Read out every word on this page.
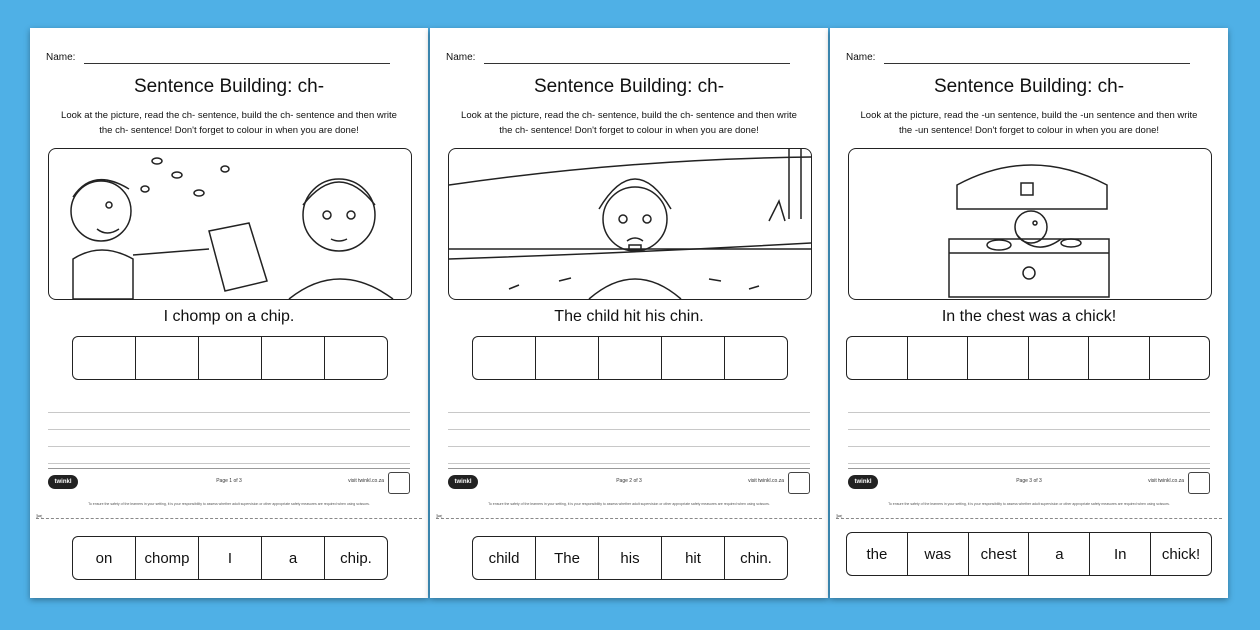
Name:
Sentence Building: ch-
Look at the picture, read the ch- sentence, build the ch- sentence and then write the ch- sentence! Don't forget to colour in when you are done!
I chomp on a chip.
twinkl	Page 1 of 3	visit twinkl.co.za
To ensure the safety of the learners in your setting, it is your responsibility to assess whether adult supervision or other appropriate safety measures are required when using scissors.
✂
on	chomp	I	a	chip.
Name:
Sentence Building: ch-
Look at the picture, read the ch- sentence, build the ch- sentence and then write the ch- sentence! Don't forget to colour in when you are done!
The child hit his chin.
twinkl	Page 2 of 3	visit twinkl.co.za
To ensure the safety of the learners in your setting, it is your responsibility to assess whether adult supervision or other appropriate safety measures are required when using scissors.
✂
child	The	his	hit	chin.
Name:
Sentence Building: ch-
Look at the picture, read the -un sentence, build the -un sentence and then write the -un sentence! Don't forget to colour in when you are done!
In the chest was a chick!
twinkl	Page 3 of 3	visit twinkl.co.za
To ensure the safety of the learners in your setting, it is your responsibility to assess whether adult supervision or other appropriate safety measures are required when using scissors.
✂
the	was	chest	a	In	chick!
